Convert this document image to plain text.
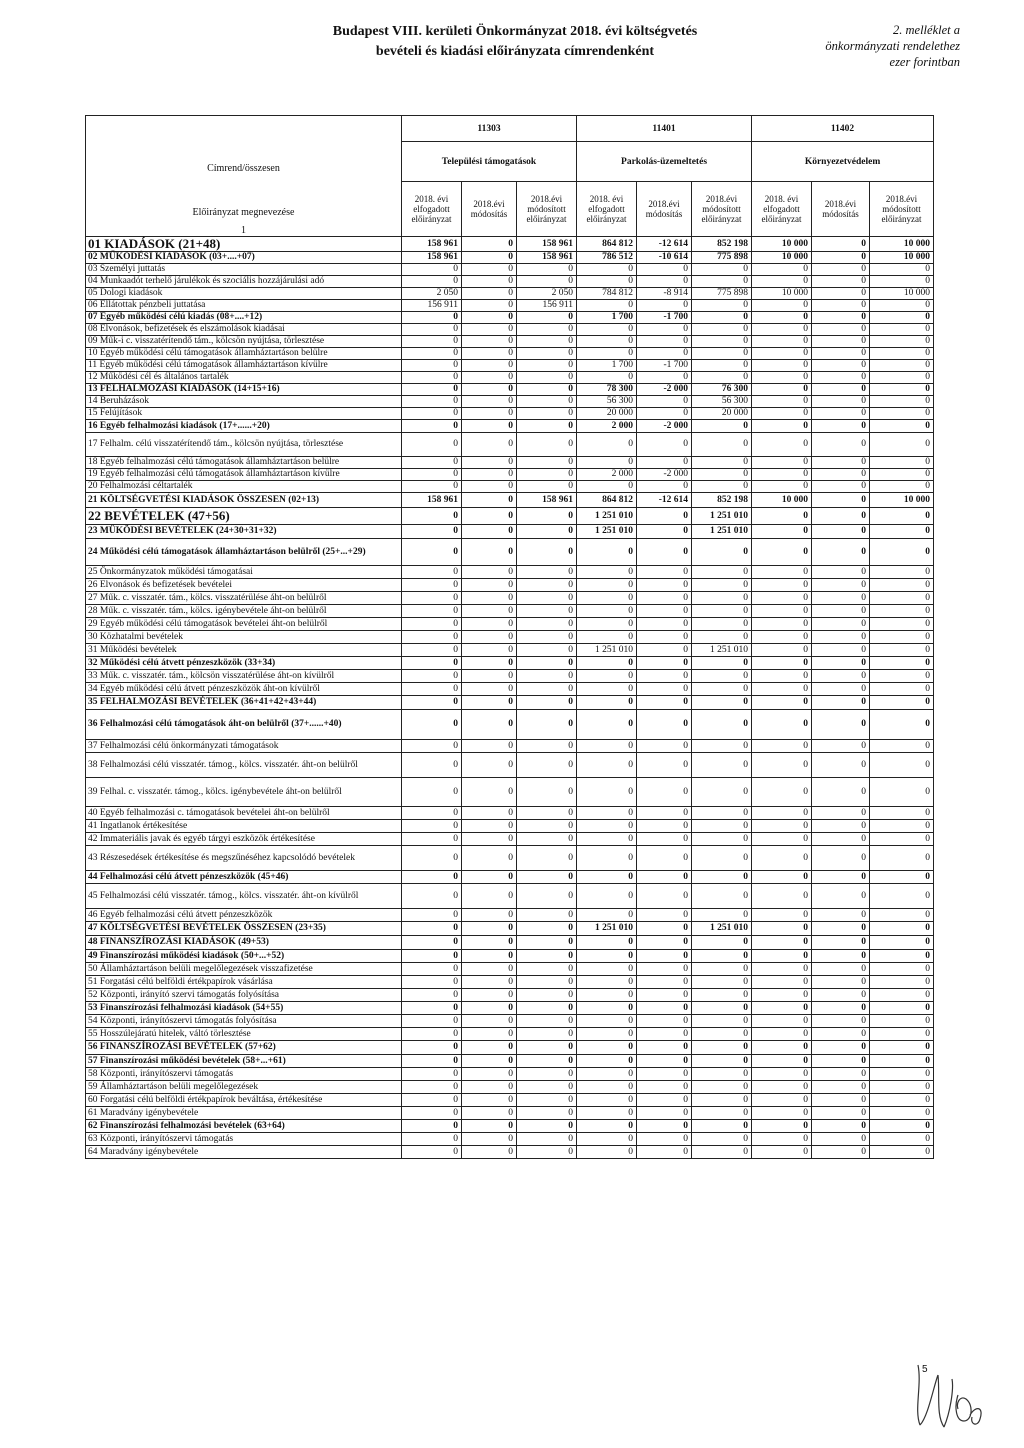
Budapest VIII. kerületi Önkormányzat 2018. évi költségvetés
bevételi és kiadási előirányzata címrendenként
2. melléklet a
önkormányzati rendelethez
ezer forintban
	11303			11401			11402		
	Települési támogatások			Parkolás-üzemeltetés			Környezetvédelem		

Címrend/összesen
Előirányzat megnevezése
1	2018. évi elfogadott előirányzat	2018.évi módosítás	2018.évi módosított előirányzat	2018. évi elfogadott előirányzat	2018.évi módosítás	2018.évi módosított előirányzat	2018. évi elfogadott előirányzat	2018.évi módosítás	2018.évi módosított előirányzat

01 KIADÁSOK (21+48)	158 961	0	158 961	864 812	-12 614	852 198	10 000	0	10 000
02 MŰKÖDÉSI KIADÁSOK (03+....+07)	158 961	0	158 961	786 512	-10 614	775 898	10 000	0	10 000
03 Személyi juttatás	0	0	0	0	0	0	0	0	0
04 Munkaadót terhelő járulékok és szociális hozzájárulási adó	0	0	0	0	0	0	0	0	0
05 Dologi kiadások	2 050	0	2 050	784 812	-8 914	775 898	10 000	0	10 000
06 Ellátottak pénzbeli juttatása	156 911	0	156 911	0	0	0	0	0	0
07 Egyéb működési célú kiadás (08+....+12)	0	0	0	1 700	-1 700	0	0	0	0
08 Elvonások, befizetések és elszámolások kiadásai	0	0	0	0	0	0	0	0	0
09 Műk-i c. visszatérítendő tám., kölcsön nyújtása, törlesztése	0	0	0	0	0	0	0	0	0
10 Egyéb működési célú támogatások államháztartáson belülre	0	0	0	0	0	0	0	0	0
11 Egyéb működési célú támogatások államháztartáson kívülre	0	0	0	1 700	-1 700	0	0	0	0
12 Működési cél és általános tartalék	0	0	0	0	0	0	0	0	0
13 FELHALMOZÁSI KIADÁSOK (14+15+16)	0	0	0	78 300	-2 000	76 300	0	0	0
14 Beruházások	0	0	0	56 300	0	56 300	0	0	0
15 Felújítások	0	0	0	20 000	0	20 000	0	0	0
16 Egyéb felhalmozási kiadások (17+......+20)	0	0	0	2 000	-2 000	0	0	0	0
17 Felhalm. célú visszatérítendő tám., kölcsön nyújtása, törlesztése	0	0	0	0	0	0	0	0	0
18 Egyéb felhalmozási célú támogatások államháztartáson belülre	0	0	0	0	0	0	0	0	0
19 Egyéb felhalmozási célú támogatások államháztartáson kívülre	0	0	0	2 000	-2 000	0	0	0	0
20 Felhalmozási céltartalék	0	0	0	0	0	0	0	0	0
21 KÖLTSÉGVETÉSI KIADÁSOK ÖSSZESEN (02+13)	158 961	0	158 961	864 812	-12 614	852 198	10 000	0	10 000
22 BEVÉTELEK (47+56)	0	0	0	1 251 010	0	1 251 010	0	0	0
23 MŰKÖDÉSI BEVÉTELEK (24+30+31+32)	0	0	0	1 251 010	0	1 251 010	0	0	0
24 Működési célú támogatások államháztartáson belülről (25+...+29)	0	0	0	0	0	0	0	0	0
25 Önkormányzatok működési támogatásai	0	0	0	0	0	0	0	0	0
26 Elvonások és befizetések bevételei	0	0	0	0	0	0	0	0	0
27 Műk. c. visszatér. tám., kölcs. visszatérülése áht-on belülről	0	0	0	0	0	0	0	0	0
28 Műk. c. visszatér. tám., kölcs. igénybevétele áht-on belülről	0	0	0	0	0	0	0	0	0
29 Egyéb működési célú támogatások bevételei áht-on belülről	0	0	0	0	0	0	0	0	0
30 Közhatalmi bevételek	0	0	0	0	0	0	0	0	0
31 Működési bevételek	0	0	0	1 251 010	0	1 251 010	0	0	0
32 Működési célú átvett pénzeszközök (33+34)	0	0	0	0	0	0	0	0	0
33 Műk. c. visszatér. tám., kölcsön visszatérülése áht-on kívülről	0	0	0	0	0	0	0	0	0
34 Egyéb működési célú átvett pénzeszközök áht-on kívülről	0	0	0	0	0	0	0	0	0
35 FELHALMOZÁSI BEVÉTELEK (36+41+42+43+44)	0	0	0	0	0	0	0	0	0
36 Felhalmozási célú támogatások áht-on belülről (37+......+40)	0	0	0	0	0	0	0	0	0
37 Felhalmozási célú önkormányzati támogatások	0	0	0	0	0	0	0	0	0
38 Felhalmozási célú visszatér. támog., kölcs. visszatér. áht-on belülről	0	0	0	0	0	0	0	0	0
39 Felhal. c. visszatér. támog., kölcs. igénybevétele áht-on belülről	0	0	0	0	0	0	0	0	0
40 Egyéb felhalmozási c. támogatások bevételei áht-on belülről	0	0	0	0	0	0	0	0	0
41 Ingatlanok értékesítése	0	0	0	0	0	0	0	0	0
42 Immateriális javak és egyéb tárgyi eszközök értékesítése	0	0	0	0	0	0	0	0	0
43 Részesedések értékesítése és megszűnéséhez kapcsolódó bevételek	0	0	0	0	0	0	0	0	0
44 Felhalmozási célú átvett pénzeszközök (45+46)	0	0	0	0	0	0	0	0	0
45 Felhalmozási célú visszatér. támog., kölcs. visszatér. áht-on kívülről	0	0	0	0	0	0	0	0	0
46 Egyéb felhalmozási célú átvett pénzeszközök	0	0	0	0	0	0	0	0	0
47 KÖLTSÉGVETÉSI BEVÉTELEK ÖSSZESEN (23+35)	0	0	0	1 251 010	0	1 251 010	0	0	0
48 FINANSZÍROZÁSI KIADÁSOK (49+53)	0	0	0	0	0	0	0	0	0
49 Finanszírozási működési kiadások (50+...+52)	0	0	0	0	0	0	0	0	0
50 Államháztartáson belüli megelőlegezések visszafizetése	0	0	0	0	0	0	0	0	0
51 Forgatási célú belföldi értékpapírok vásárlása	0	0	0	0	0	0	0	0	0
52 Központi, irányító szervi támogatás folyósítása	0	0	0	0	0	0	0	0	0
53 Finanszírozási felhalmozási kiadások (54+55)	0	0	0	0	0	0	0	0	0
54 Központi, irányítószervi támogatás folyósítása	0	0	0	0	0	0	0	0	0
55 Hosszúlejáratú hitelek, váltó törlesztése	0	0	0	0	0	0	0	0	0
56 FINANSZÍROZÁSI BEVÉTELEK (57+62)	0	0	0	0	0	0	0	0	0
57 Finanszírozási működési bevételek (58+...+61)	0	0	0	0	0	0	0	0	0
58 Központi, irányítószervi támogatás	0	0	0	0	0	0	0	0	0
59 Államháztartáson belüli megelőlegezések	0	0	0	0	0	0	0	0	0
60 Forgatási célú belföldi értékpapírok beváltása, értékesítése	0	0	0	0	0	0	0	0	0
61 Maradvány igénybevétele	0	0	0	0	0	0	0	0	0
62 Finanszírozási felhalmozási bevételek (63+64)	0	0	0	0	0	0	0	0	0
63 Központi, irányítószervi támogatás	0	0	0	0	0	0	0	0	0
64 Maradvány igénybevétele	0	0	0	0	0	0	0	0	0
5
